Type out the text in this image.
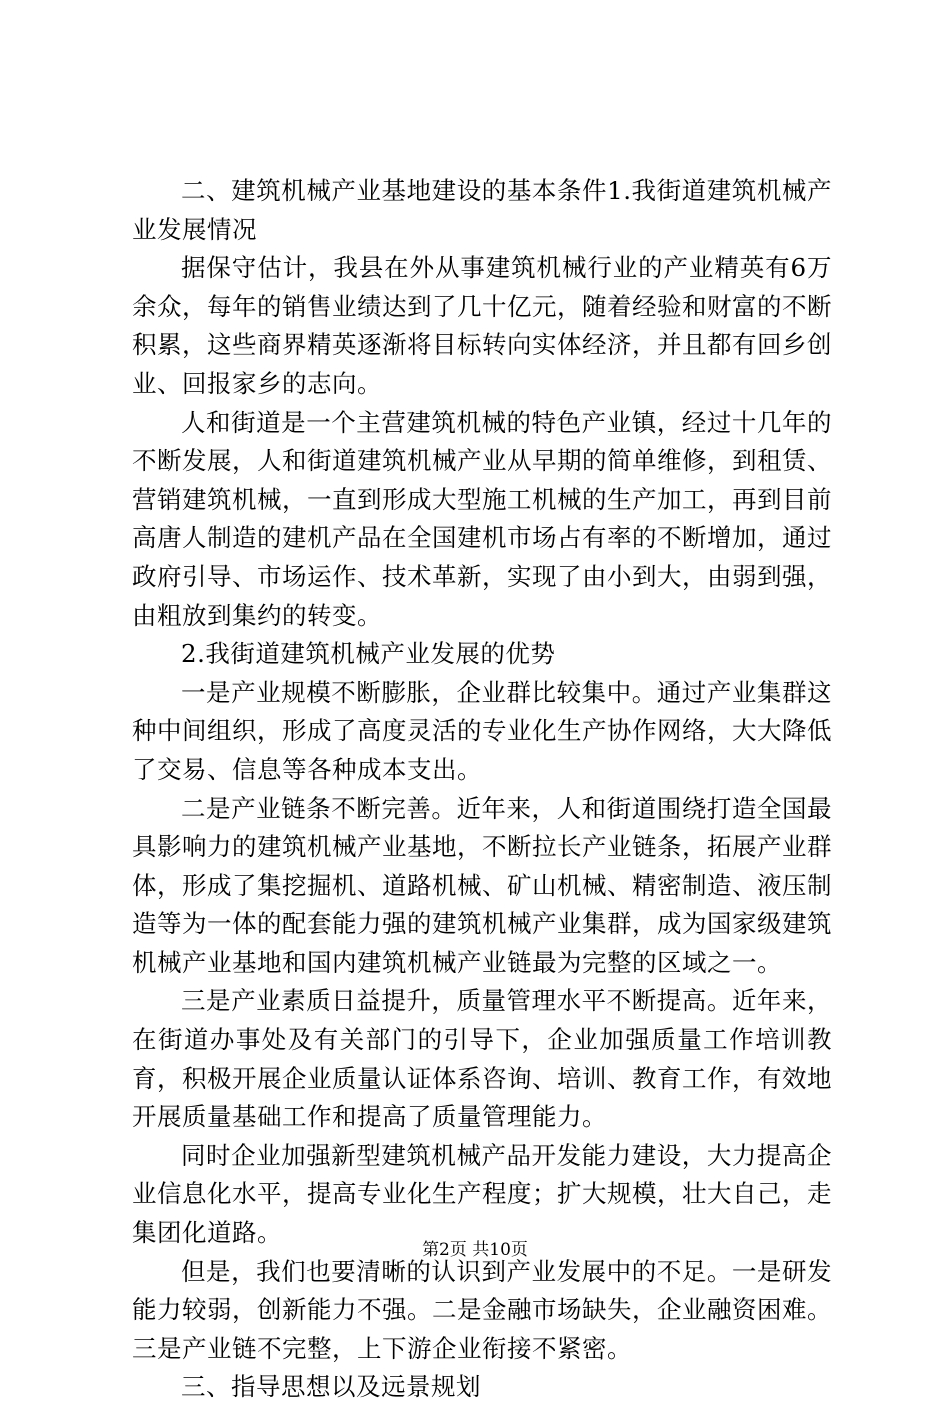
二、建筑机械产业基地建设的基本条件1.我街道建筑机械产业发展情况

据保守估计，我县在外从事建筑机械行业的产业精英有6万余众，每年的销售业绩达到了几十亿元，随着经验和财富的不断积累，这些商界精英逐渐将目标转向实体经济，并且都有回乡创业、回报家乡的志向。

人和街道是一个主营建筑机械的特色产业镇，经过十几年的不断发展，人和街道建筑机械产业从早期的简单维修，到租赁、营销建筑机械，一直到形成大型施工机械的生产加工，再到目前高唐人制造的建机产品在全国建机市场占有率的不断增加，通过政府引导、市场运作、技术革新，实现了由小到大，由弱到强，由粗放到集约的转变。

2.我街道建筑机械产业发展的优势

一是产业规模不断膨胀，企业群比较集中。通过产业集群这种中间组织，形成了高度灵活的专业化生产协作网络，大大降低了交易、信息等各种成本支出。

二是产业链条不断完善。近年来，人和街道围绕打造全国最具影响力的建筑机械产业基地，不断拉长产业链条，拓展产业群体，形成了集挖掘机、道路机械、矿山机械、精密制造、液压制造等为一体的配套能力强的建筑机械产业集群，成为国家级建筑机械产业基地和国内建筑机械产业链最为完整的区域之一。

三是产业素质日益提升，质量管理水平不断提高。近年来，在街道办事处及有关部门的引导下，企业加强质量工作培训教育，积极开展企业质量认证体系咨询、培训、教育工作，有效地开展质量基础工作和提高了质量管理能力。

同时企业加强新型建筑机械产品开发能力建设，大力提高企业信息化水平，提高专业化生产程度；扩大规模，壮大自己，走集团化道路。

但是，我们也要清晰的认识到产业发展中的不足。一是研发能力较弱，创新能力不强。二是金融市场缺失，企业融资困难。三是产业链不完整，上下游企业衔接不紧密。

三、指导思想以及远景规划

第2页 共10页
